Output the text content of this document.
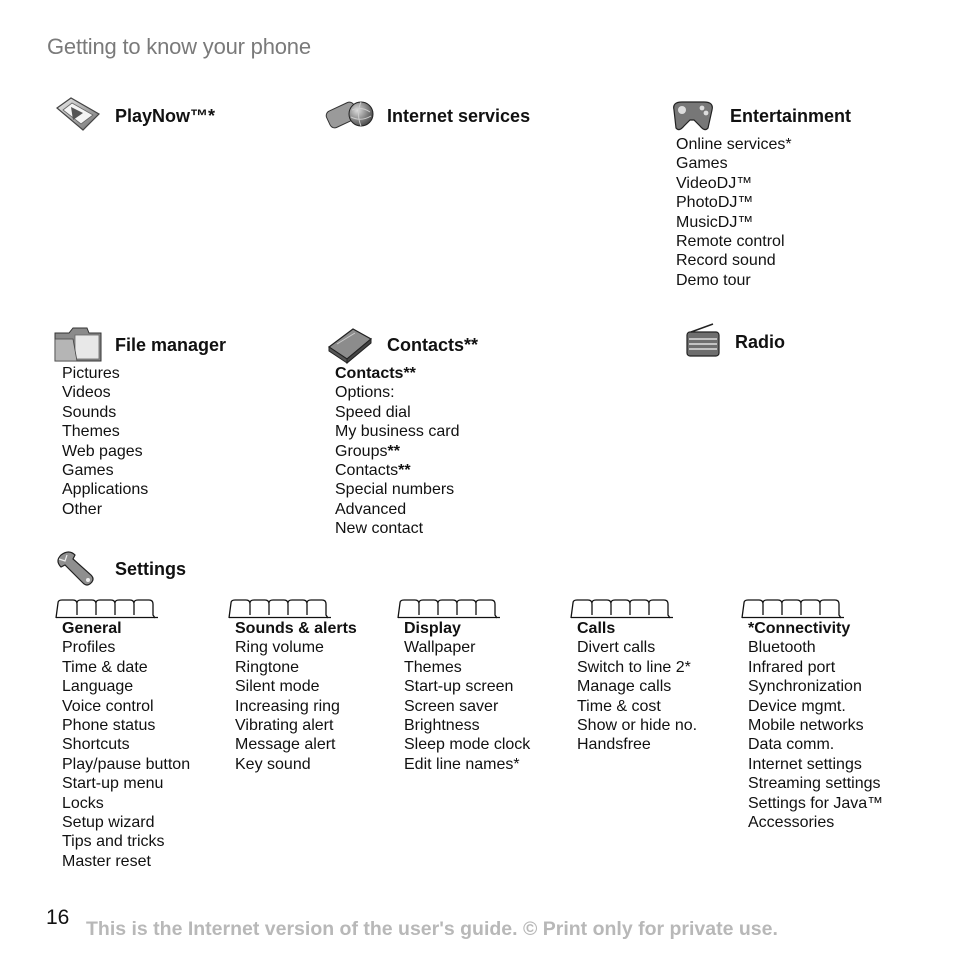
Getting to know your phone
PlayNow™*	Internet services	Entertainment
Online services*
Games
VideoDJ™
PhotoDJ™
MusicDJ™
Remote control
Record sound
Demo tour
File manager
Pictures
Videos
Sounds
Themes
Web pages
Games
Applications
Other
Contacts**
Contacts**
Options:
Speed dial
My business card
Groups**
Contacts**
Special numbers
Advanced
New contact
Radio
Settings
General
Profiles
Time & date
Language
Voice control
Phone status
Shortcuts
Play/pause button
Start-up menu
Locks
Setup wizard
Tips and tricks
Master reset
Sounds & alerts
Ring volume
Ringtone
Silent mode
Increasing ring
Vibrating alert
Message alert
Key sound
Display
Wallpaper
Themes
Start-up screen
Screen saver
Brightness
Sleep mode clock
Edit line names*
Calls
Divert calls
Switch to line 2*
Manage calls
Time & cost
Show or hide no.
Handsfree
*Connectivity
Bluetooth
Infrared port
Synchronization
Device mgmt.
Mobile networks
Data comm.
Internet settings
Streaming settings
Settings for Java™
Accessories
16 This is the Internet version of the user's guide. © Print only for private use.
